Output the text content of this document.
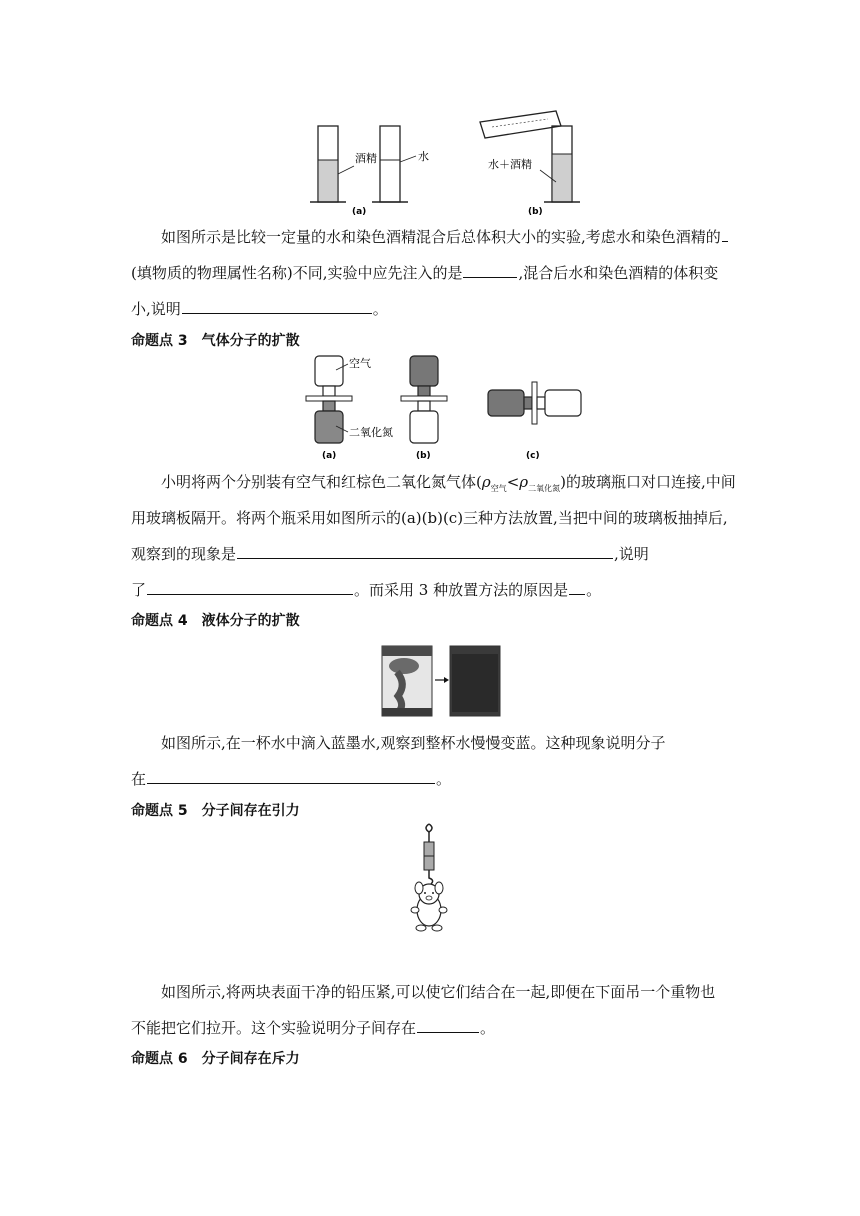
酒精	水
(a)
水＋酒精
(b)
如图所示是比较一定量的水和染色酒精混合后总体积大小的实验,考虑水和染色酒精的
(填物质的物理属性名称)不同,实验中应先注入的是	,混合后水和染色酒精的体积变
小,说明	。
命题点 3 气体分子的扩散
空气
二氧化氮
(a)	(b)	(c)
小明将两个分别装有空气和红棕色二氧化氮气体$(\rho_{空气}<\rho_{二氧化氮})$的玻璃瓶口对口连接,中间
用玻璃板隔开。将两个瓶采用如图所示的(a)(b)(c)三种方法放置,当把中间的玻璃板抽掉后,
观察到的现象是	,说明
了	。而采用 3 种放置方法的原因是 。
命题点 4 液体分子的扩散
如图所示,在一杯水中滴入蓝墨水,观察到整杯水慢慢变蓝。这种现象说明分子
在	。
命题点 5 分子间存在引力
如图所示,将两块表面干净的铅压紧,可以使它们结合在一起,即便在下面吊一个重物也
不能把它们拉开。这个实验说明分子间存在	。
命题点 6 分子间存在斥力
